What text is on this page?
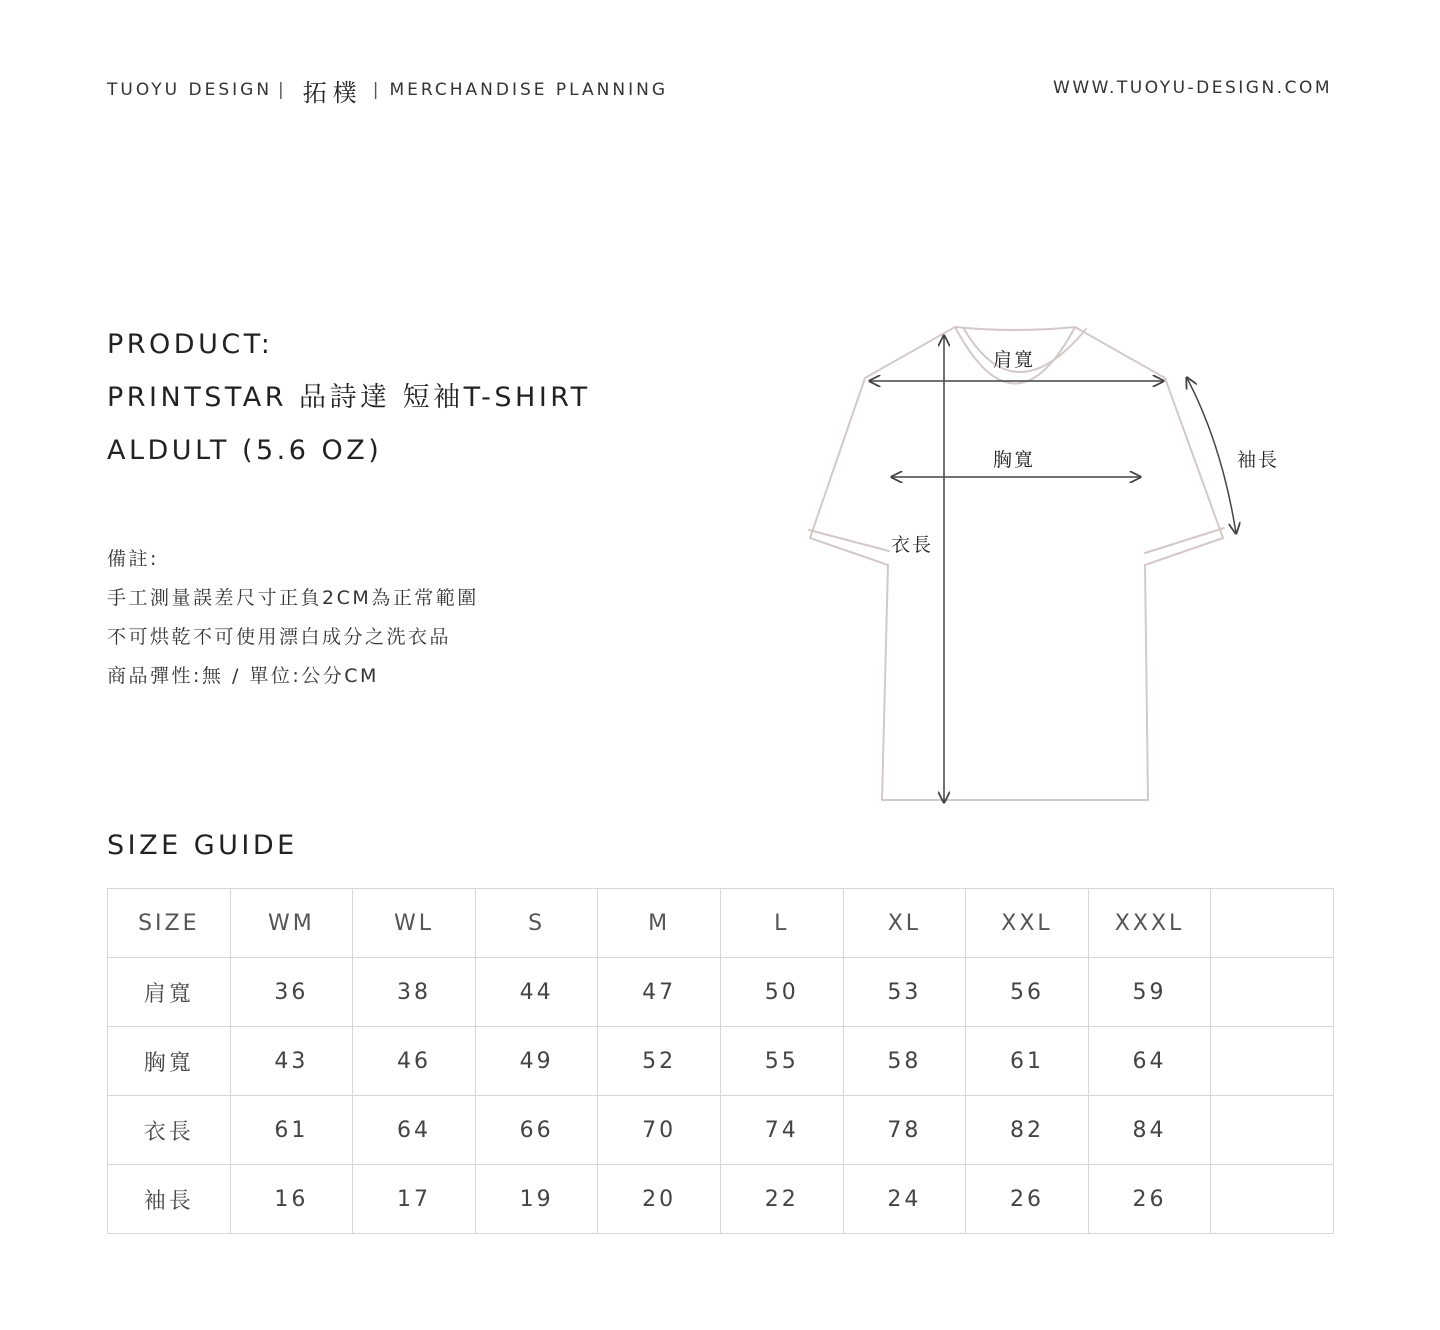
TUOYU DESIGN | 拓樸 | MERCHANDISE PLANNING	WWW.TUOYU-DESIGN.COM
PRODUCT:
PRINTSTAR 品詩達 短袖T-SHIRT
ALDULT (5.6 OZ)
備註:
手工測量誤差尺寸正負2CM為正常範圍
不可烘乾不可使用漂白成分之洗衣品
商品彈性:無 / 單位:公分CM
肩寬
胸寬
衣長
袖長
SIZE GUIDE
SIZE	WM	WL	S	M	L	XL	XXL	XXXL	
肩寬	36	38	44	47	50	53	56	59	
胸寬	43	46	49	52	55	58	61	64	
衣長	61	64	66	70	74	78	82	84	
袖長	16	17	19	20	22	24	26	26	
